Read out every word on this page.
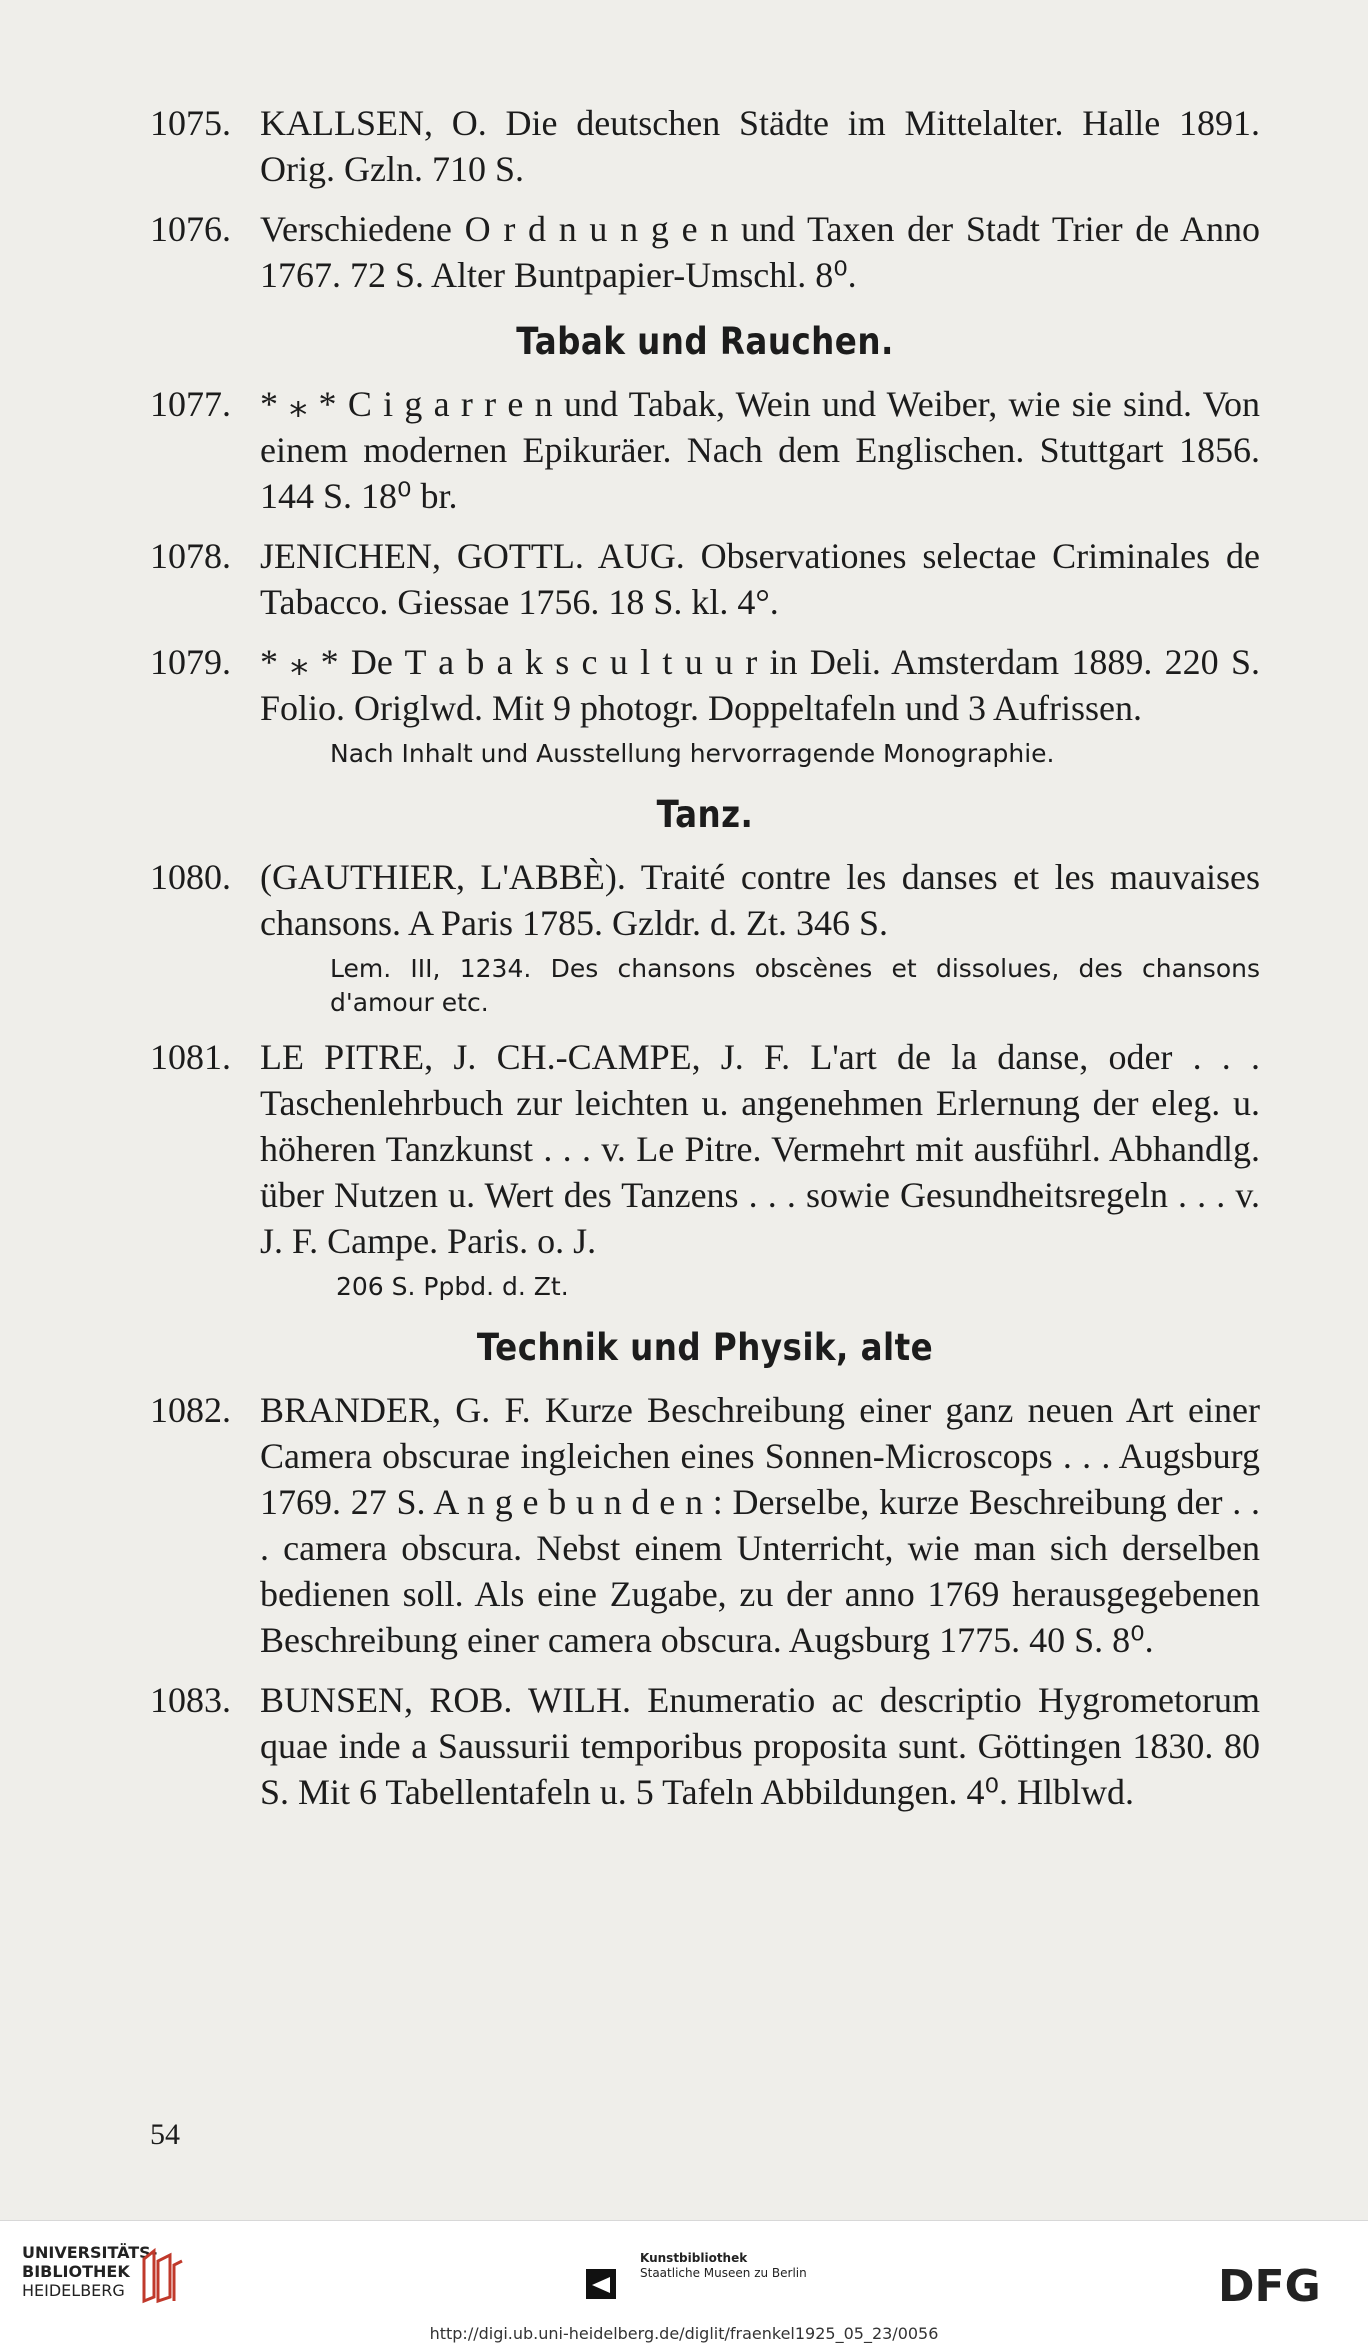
1075. KALLSEN, O. Die deutschen Städte im Mittelalter. Halle 1891. Orig. Gzln. 710 S.
1076. Verschiedene O r d n u n g e n und Taxen der Stadt Trier de Anno 1767. 72 S. Alter Buntpapier-Umschl. 8⁰.
Tabak und Rauchen.
1077. * ⁎ * C i g a r r e n und Tabak, Wein und Weiber, wie sie sind. Von einem modernen Epikuräer. Nach dem Englischen. Stuttgart 1856. 144 S. 18⁰ br.
1078. JENICHEN, GOTTL. AUG. Observationes selectae Criminales de Tabacco. Giessae 1756. 18 S. kl. 4°.
1079. * ⁎ * De T a b a k s c u l t u u r in Deli. Amsterdam 1889. 220 S. Folio. Origlwd. Mit 9 photogr. Doppeltafeln und 3 Aufrissen.
Nach Inhalt und Ausstellung hervorragende Monographie.
Tanz.
1080. (GAUTHIER, L'ABBÈ). Traité contre les danses et les mauvaises chansons. A Paris 1785. Gzldr. d. Zt. 346 S.
Lem. III, 1234. Des chansons obscènes et dissolues, des chansons d'amour etc.
1081. LE PITRE, J. CH.-CAMPE, J. F. L'art de la danse, oder . . . Taschenlehrbuch zur leichten u. angenehmen Erlernung der eleg. u. höheren Tanzkunst . . . v. Le Pitre. Vermehrt mit ausführl. Abhandlg. über Nutzen u. Wert des Tanzens . . . sowie Gesundheitsregeln . . . v. J. F. Campe. Paris. o. J.
206 S. Ppbd. d. Zt.
Technik und Physik, alte
1082. BRANDER, G. F. Kurze Beschreibung einer ganz neuen Art einer Camera obscurae ingleichen eines Sonnen-Microscops . . . Augsburg 1769. 27 S. A n g e b u n d e n : Derselbe, kurze Beschreibung der . . . camera obscura. Nebst einem Unterricht, wie man sich derselben bedienen soll. Als eine Zugabe, zu der anno 1769 herausgegebenen Beschreibung einer camera obscura. Augsburg 1775. 40 S. 8⁰.
1083. BUNSEN, ROB. WILH. Enumeratio ac descriptio Hygrometorum quae inde a Saussurii temporibus proposita sunt. Göttingen 1830. 80 S. Mit 6 Tabellentafeln u. 5 Tafeln Abbildungen. 4⁰. Hlblwd.
54
UNIVERSITÄTS-
BIBLIOTHEK
HEIDELBERG
Kunstbibliothek
Staatliche Museen zu Berlin	DFG
http://digi.ub.uni-heidelberg.de/diglit/fraenkel1925_05_23/0056
